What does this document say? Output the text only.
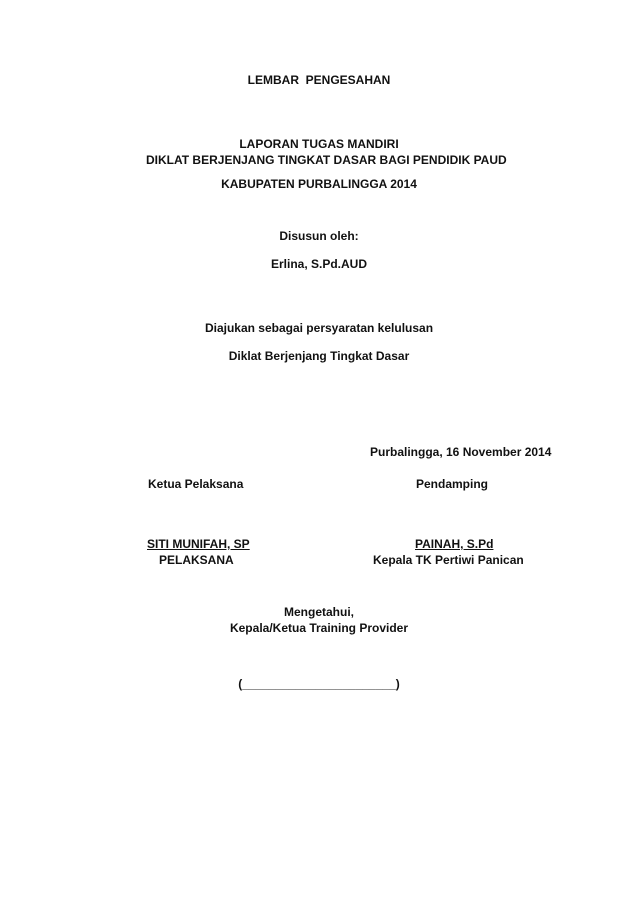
LEMBAR  PENGESAHAN
LAPORAN TUGAS MANDIRI
DIKLAT BERJENJANG TINGKAT DASAR BAGI PENDIDIK PAUD
KABUPATEN PURBALINGGA 2014
Disusun oleh:
Erlina, S.Pd.AUD
Diajukan sebagai persyaratan kelulusan
Diklat Berjenjang Tingkat Dasar
Purbalingga, 16 November 2014
Ketua Pelaksana	Pendamping
SITI MUNIFAH, SP
PELAKSANA
PAINAH, S.Pd
Kepala TK Pertiwi Panican
Mengetahui,
Kepala/Ketua Training Provider
(_______________________)
